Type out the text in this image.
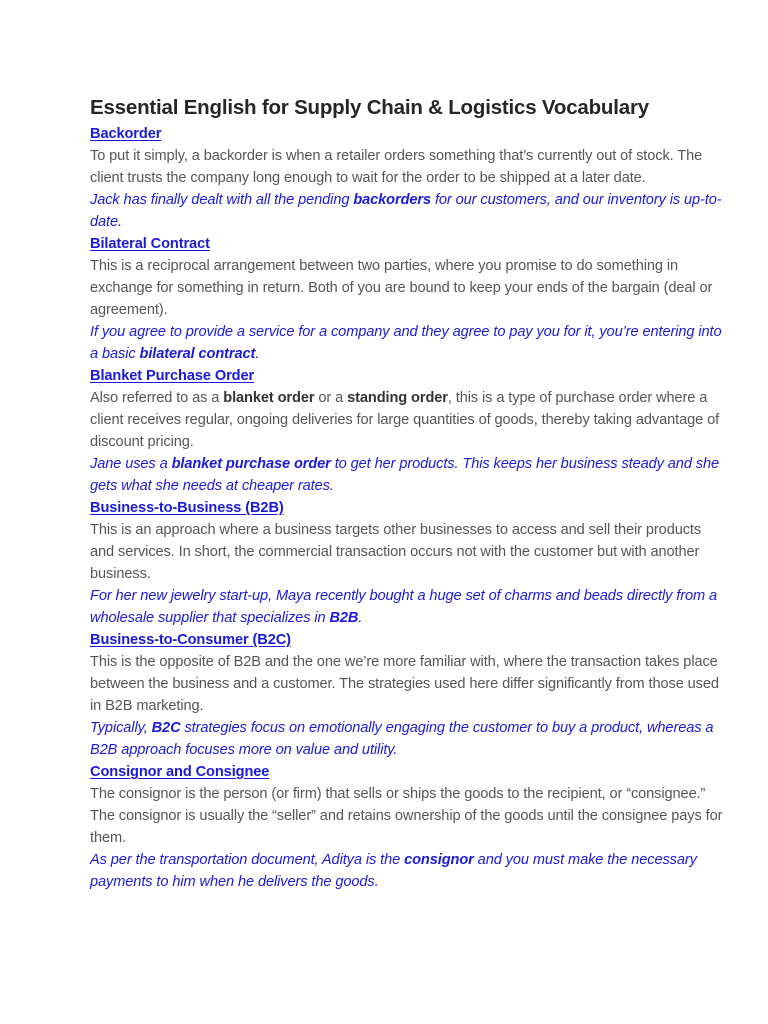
Essential English for Supply Chain & Logistics Vocabulary
Backorder

To put it simply, a backorder is when a retailer orders something that’s currently out of stock. The client trusts the company long enough to wait for the order to be shipped at a later date.

Jack has finally dealt with all the pending backorders for our customers, and our inventory is up-to-date.

Bilateral Contract

This is a reciprocal arrangement between two parties, where you promise to do something in exchange for something in return. Both of you are bound to keep your ends of the bargain (deal or agreement).

If you agree to provide a service for a company and they agree to pay you for it, you’re entering into a basic bilateral contract.

Blanket Purchase Order

Also referred to as a blanket order or a standing order, this is a type of purchase order where a client receives regular, ongoing deliveries for large quantities of goods, thereby taking advantage of discount pricing.

Jane uses a blanket purchase order to get her products. This keeps her business steady and she gets what she needs at cheaper rates.

Business-to-Business (B2B)

This is an approach where a business targets other businesses to access and sell their products and services. In short, the commercial transaction occurs not with the customer but with another business.

For her new jewelry start-up, Maya recently bought a huge set of charms and beads directly from a wholesale supplier that specializes in B2B.

Business-to-Consumer (B2C)

This is the opposite of B2B and the one we’re more familiar with, where the transaction takes place between the business and a customer. The strategies used here differ significantly from those used in B2B marketing.

Typically, B2C strategies focus on emotionally engaging the customer to buy a product, whereas a B2B approach focuses more on value and utility.

Consignor and Consignee

The consignor is the person (or firm) that sells or ships the goods to the recipient, or “consignee.” The consignor is usually the “seller” and retains ownership of the goods until the consignee pays for them.

As per the transportation document, Aditya is the consignor and you must make the necessary payments to him when he delivers the goods.
